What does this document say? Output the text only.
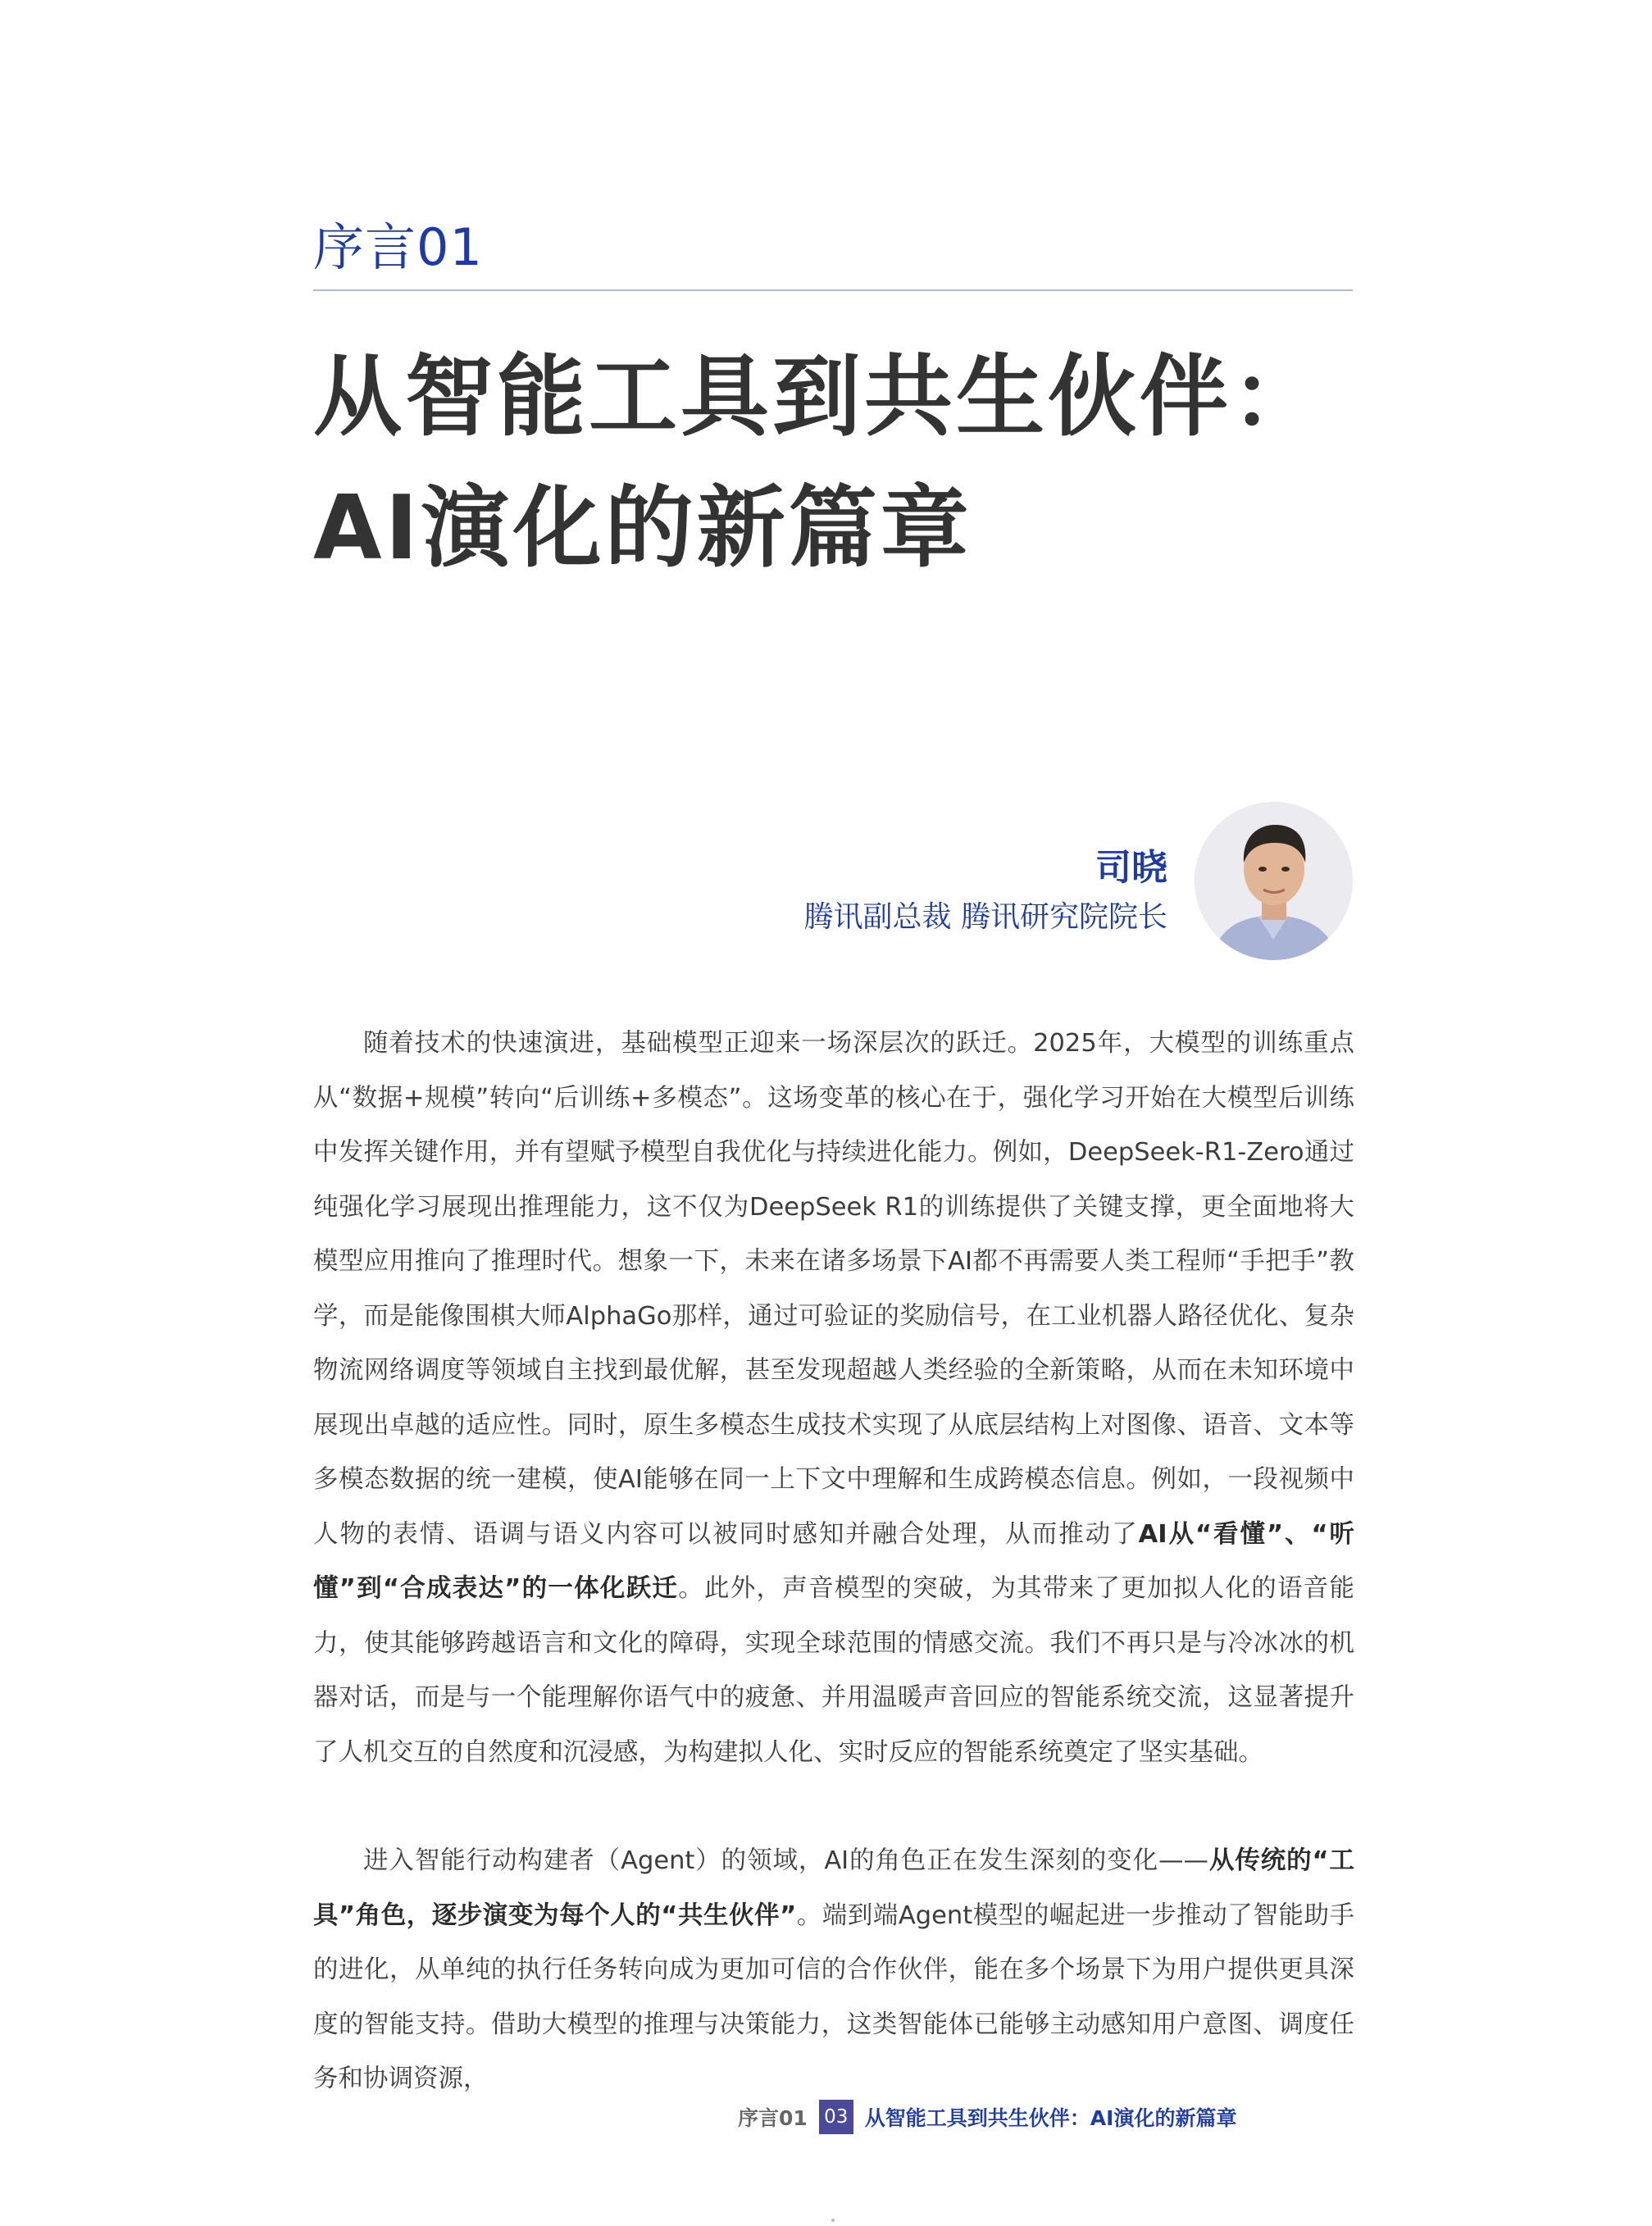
序言01
从智能工具到共生伙伴：
AI演化的新篇章
司晓
腾讯副总裁 腾讯研究院院长

随着技术的快速演进，基础模型正迎来一场深层次的跃迁。2025年，大模型的训练重点从“数据+规模”转向“后训练+多模态”。这场变革的核心在于，强化学习开始在大模型后训练中发挥关键作用，并有望赋予模型自我优化与持续进化能力。例如，DeepSeek-R1-Zero通过纯强化学习展现出推理能力，这不仅为DeepSeek R1的训练提供了关键支撑，更全面地将大模型应用推向了推理时代。想象一下，未来在诸多场景下AI都不再需要人类工程师“手把手”教学，而是能像围棋大师AlphaGo那样，通过可验证的奖励信号，在工业机器人路径优化、复杂物流网络调度等领域自主找到最优解，甚至发现超越人类经验的全新策略，从而在未知环境中展现出卓越的适应性。同时，原生多模态生成技术实现了从底层结构上对图像、语音、文本等多模态数据的统一建模，使AI能够在同一上下文中理解和生成跨模态信息。例如，一段视频中人物的表情、语调与语义内容可以被同时感知并融合处理，从而推动了AI从“看懂”、“听懂”到“合成表达”的一体化跃迁。此外，声音模型的突破，为其带来了更加拟人化的语音能力，使其能够跨越语言和文化的障碍，实现全球范围的情感交流。我们不再只是与冷冰冰的机器对话，而是与一个能理解你语气中的疲惫、并用温暖声音回应的智能系统交流，这显著提升了人机交互的自然度和沉浸感，为构建拟人化、实时反应的智能系统奠定了坚实基础。

进入智能行动构建者（Agent）的领域，AI的角色正在发生深刻的变化——从传统的“工具”角色，逐步演变为每个人的“共生伙伴”。端到端Agent模型的崛起进一步推动了智能助手的进化，从单纯的执行任务转向成为更加可信的合作伙伴，能在多个场景下为用户提供更具深度的智能支持。借助大模型的推理与决策能力，这类智能体已能够主动感知用户意图、调度任务和协调资源，

序言01 03 从智能工具到共生伙伴：AI演化的新篇章
